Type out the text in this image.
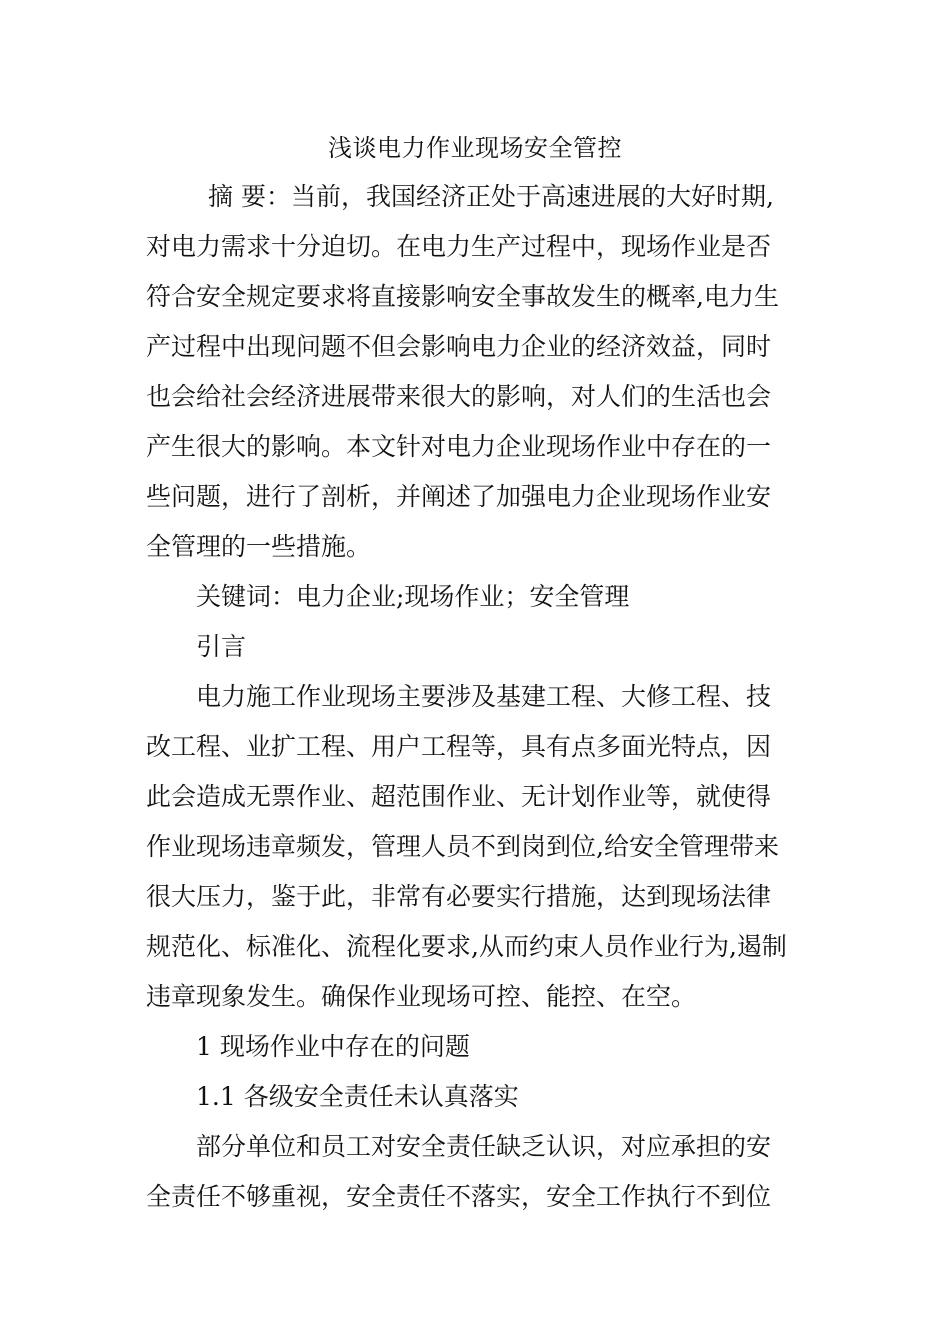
浅谈电力作业现场安全管控
摘 要：当前，我国经济正处于高速进展的大好时期,
对电力需求十分迫切。在电力生产过程中，现场作业是否
符合安全规定要求将直接影响安全事故发生的概率,电力生
产过程中出现问题不但会影响电力企业的经济效益，同时
也会给社会经济进展带来很大的影响，对人们的生活也会
产生很大的影响。本文针对电力企业现场作业中存在的一
些问题，进行了剖析，并阐述了加强电力企业现场作业安
全管理的一些措施。
关键词：电力企业;现场作业；安全管理
引言
电力施工作业现场主要涉及基建工程、大修工程、技
改工程、业扩工程、用户工程等，具有点多面光特点，因
此会造成无票作业、超范围作业、无计划作业等，就使得
作业现场违章频发，管理人员不到岗到位,给安全管理带来
很大压力，鉴于此，非常有必要实行措施，达到现场法律
规范化、标准化、流程化要求,从而约束人员作业行为,遏制
违章现象发生。确保作业现场可控、能控、在空。
1 现场作业中存在的问题
1.1 各级安全责任未认真落实
部分单位和员工对安全责任缺乏认识，对应承担的安
全责任不够重视，安全责任不落实，安全工作执行不到位
